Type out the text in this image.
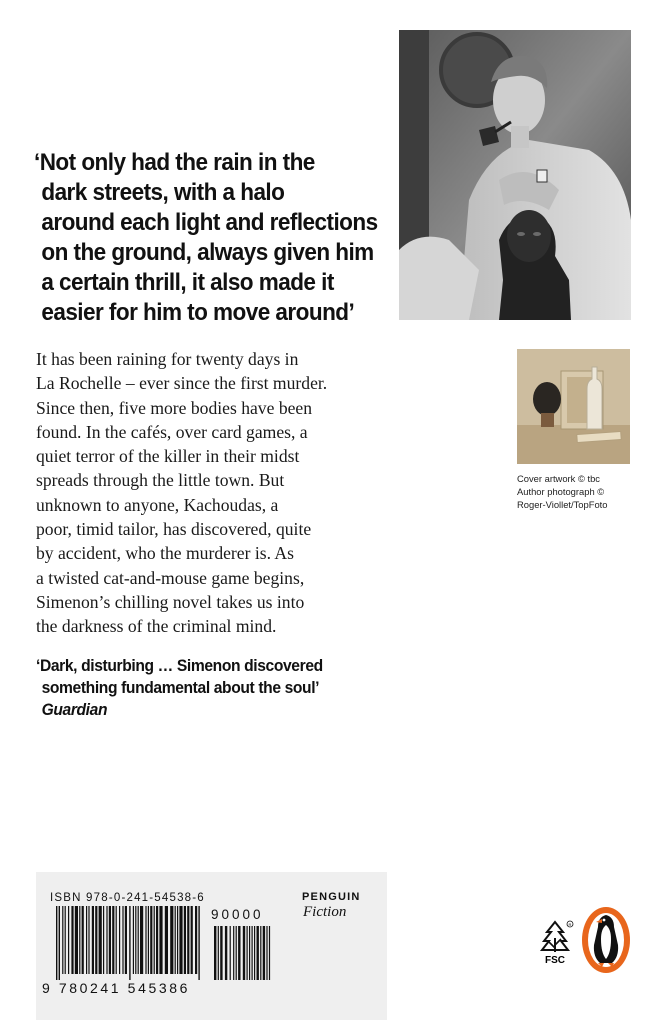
‘Not only had the rain in the
dark streets, with a halo
around each light and reflections
on the ground, always given him
a certain thrill, it also made it
easier for him to move around’
It has been raining for twenty days in
La Rochelle – ever since the first murder.
Since then, five more bodies have been
found. In the cafés, over card games, a
quiet terror of the killer in their midst
spreads through the little town. But
unknown to anyone, Kachoudas, a
poor, timid tailor, has discovered, quite
by accident, who the murderer is. As
a twisted cat-and-mouse game begins,
Simenon’s chilling novel takes us into
the darkness of the criminal mind.
Cover artwork © tbc
Author photograph ©
Roger-Viollet/TopFoto
‘Dark, disturbing … Simenon discovered
something fundamental about the soul’
Guardian
ISBN 978-0-241-54538-6
9 780241 545386
90000
PENGUIN
Fiction
R
FSC
